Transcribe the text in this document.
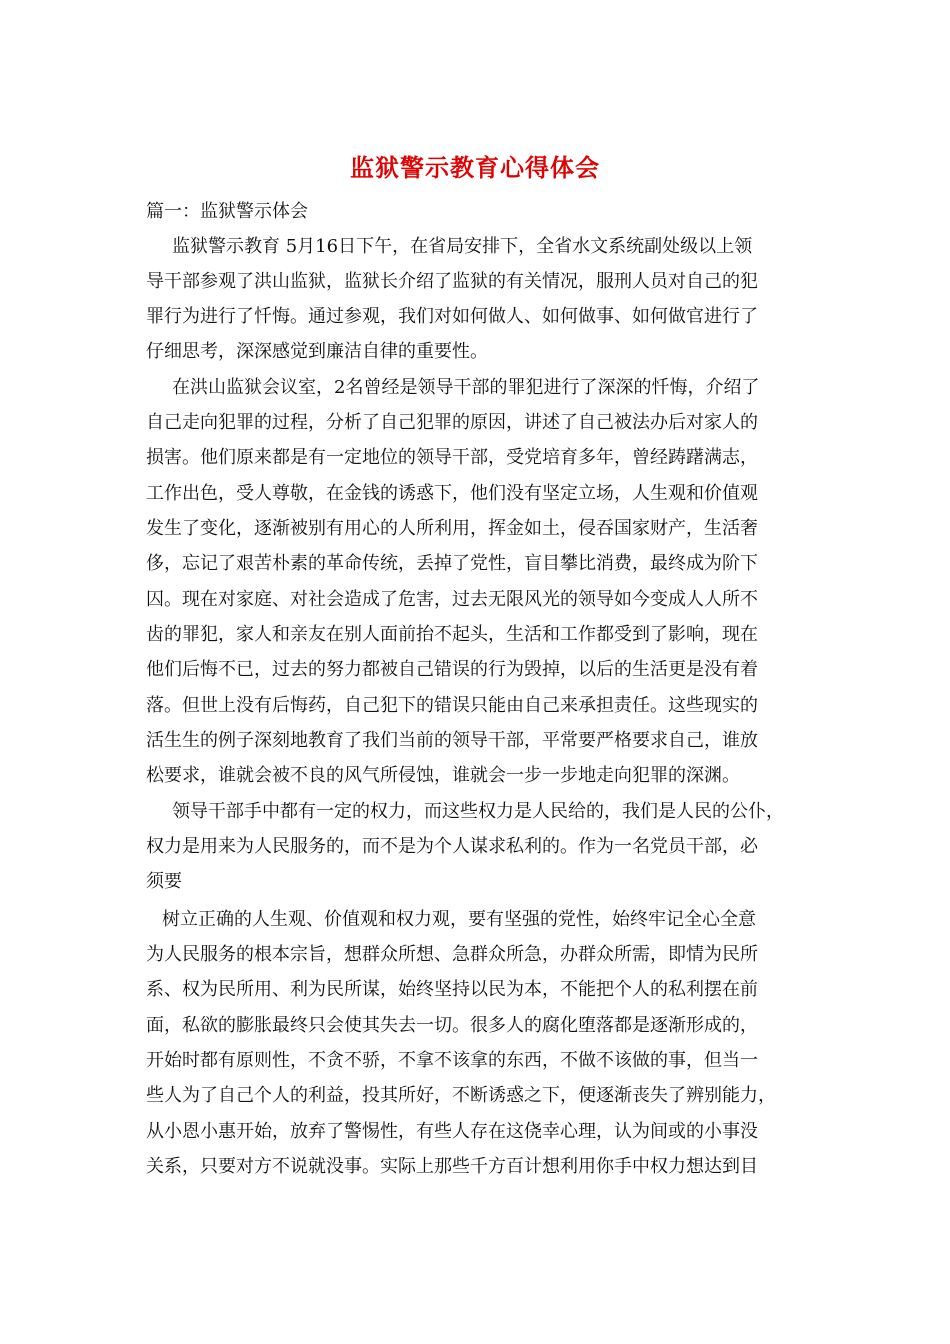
监狱警示教育心得体会
篇一：监狱警示体会
监狱警示教育 5月16日下午，在省局安排下，全省水文系统副处级以上领
导干部参观了洪山监狱，监狱长介绍了监狱的有关情况，服刑人员对自己的犯
罪行为进行了忏悔。通过参观，我们对如何做人、如何做事、如何做官进行了
仔细思考，深深感觉到廉洁自律的重要性。
在洪山监狱会议室，2名曾经是领导干部的罪犯进行了深深的忏悔，介绍了
自己走向犯罪的过程，分析了自己犯罪的原因，讲述了自己被法办后对家人的
损害。他们原来都是有一定地位的领导干部，受党培育多年，曾经踌躇满志，
工作出色，受人尊敬，在金钱的诱惑下，他们没有坚定立场，人生观和价值观
发生了变化，逐渐被别有用心的人所利用，挥金如土，侵吞国家财产，生活奢
侈，忘记了艰苦朴素的革命传统，丢掉了党性，盲目攀比消费，最终成为阶下
囚。现在对家庭、对社会造成了危害，过去无限风光的领导如今变成人人所不
齿的罪犯，家人和亲友在别人面前抬不起头，生活和工作都受到了影响，现在
他们后悔不已，过去的努力都被自己错误的行为毁掉，以后的生活更是没有着
落。但世上没有后悔药，自己犯下的错误只能由自己来承担责任。这些现实的
活生生的例子深刻地教育了我们当前的领导干部，平常要严格要求自己，谁放
松要求，谁就会被不良的风气所侵蚀，谁就会一步一步地走向犯罪的深渊。
领导干部手中都有一定的权力，而这些权力是人民给的，我们是人民的公仆，
权力是用来为人民服务的，而不是为个人谋求私利的。作为一名党员干部，必
须要
树立正确的人生观、价值观和权力观，要有坚强的党性，始终牢记全心全意
为人民服务的根本宗旨，想群众所想、急群众所急，办群众所需，即情为民所
系、权为民所用、利为民所谋，始终坚持以民为本，不能把个人的私利摆在前
面，私欲的膨胀最终只会使其失去一切。很多人的腐化堕落都是逐渐形成的，
开始时都有原则性，不贪不骄，不拿不该拿的东西，不做不该做的事，但当一
些人为了自己个人的利益，投其所好，不断诱惑之下，便逐渐丧失了辨别能力，
从小恩小惠开始，放弃了警惕性，有些人存在这侥幸心理，认为间或的小事没
关系，只要对方不说就没事。实际上那些千方百计想利用你手中权力想达到目
